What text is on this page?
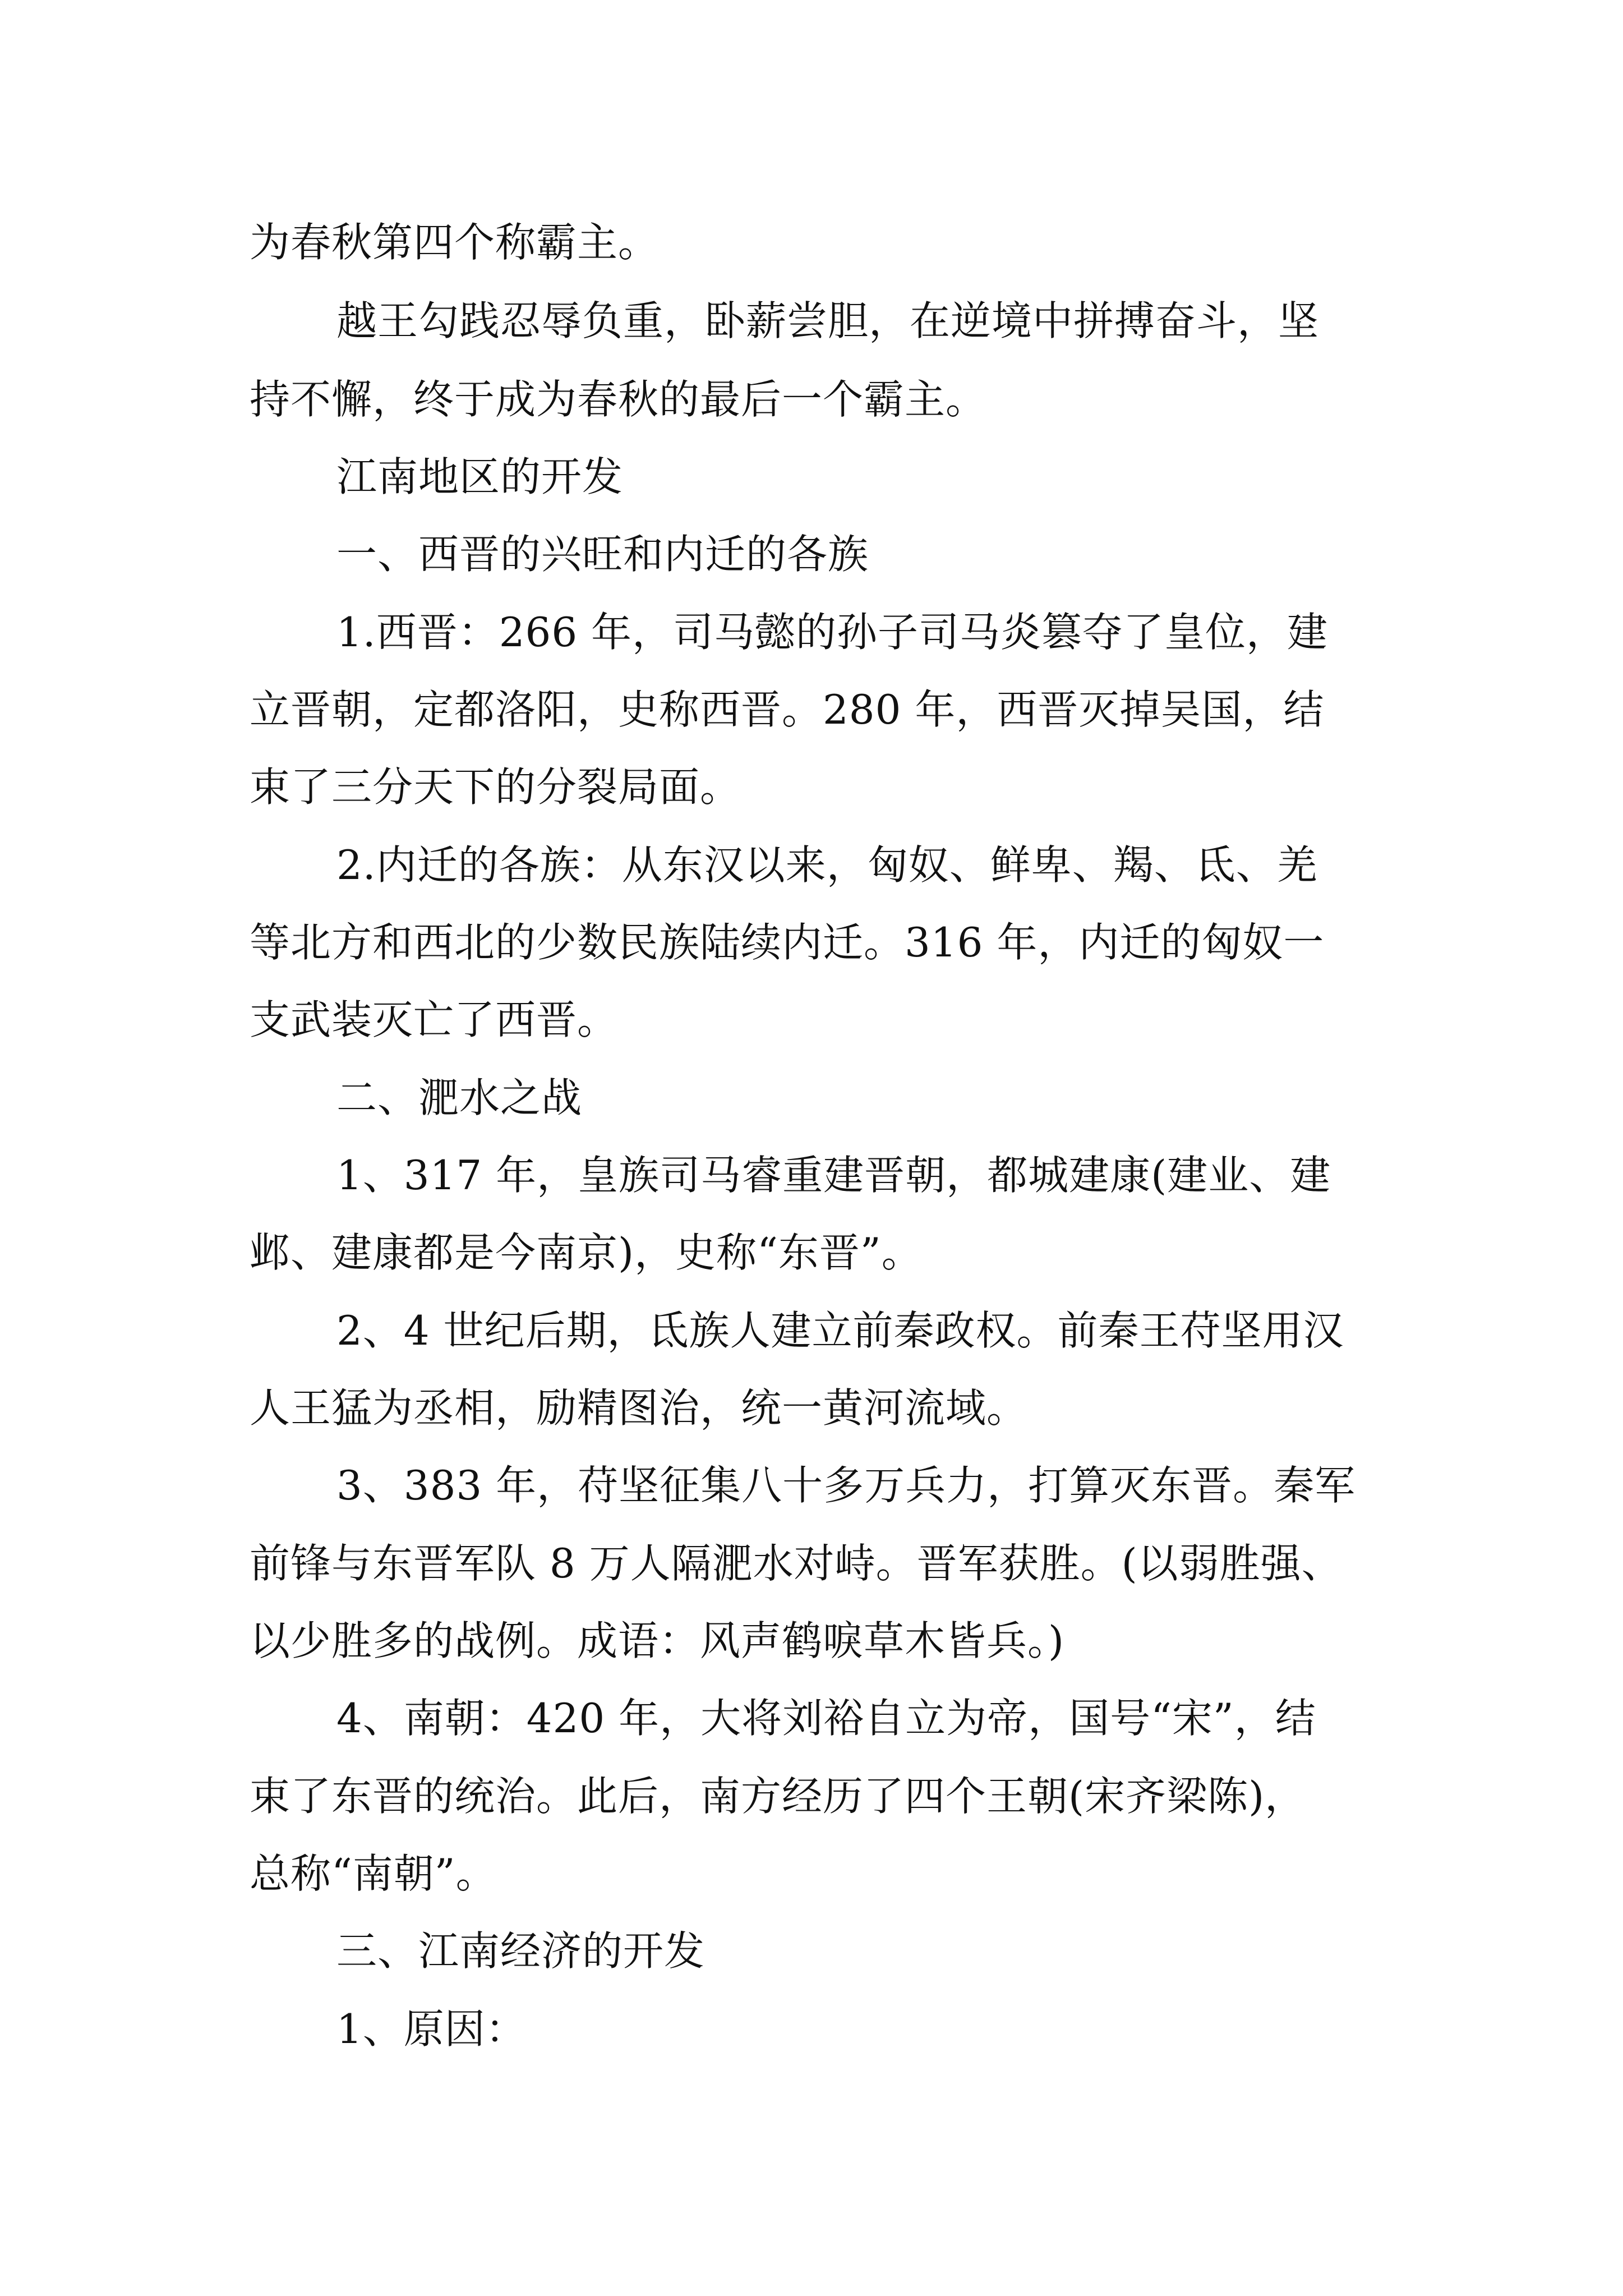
为春秋第四个称霸主。
越王勾践忍辱负重，卧薪尝胆，在逆境中拼搏奋斗，坚
持不懈，终于成为春秋的最后一个霸主。
江南地区的开发
一、西晋的兴旺和内迁的各族
1.西晋：266 年，司马懿的孙子司马炎篡夺了皇位，建
立晋朝，定都洛阳，史称西晋。280 年，西晋灭掉吴国，结
束了三分天下的分裂局面。
2.内迁的各族：从东汉以来，匈奴、鲜卑、羯、氐、羌
等北方和西北的少数民族陆续内迁。316 年，内迁的匈奴一
支武装灭亡了西晋。
二、淝水之战
1、317 年，皇族司马睿重建晋朝，都城建康(建业、建
邺、建康都是今南京)，史称“东晋”。
2、4 世纪后期，氐族人建立前秦政权。前秦王苻坚用汉
人王猛为丞相，励精图治，统一黄河流域。
3、383 年，苻坚征集八十多万兵力，打算灭东晋。秦军
前锋与东晋军队 8 万人隔淝水对峙。晋军获胜。(以弱胜强、
以少胜多的战例。成语：风声鹤唳草木皆兵。)
4、南朝：420 年，大将刘裕自立为帝，国号“宋”，结
束了东晋的统治。此后，南方经历了四个王朝(宋齐梁陈)，
总称“南朝”。
三、江南经济的开发
1、原因：
